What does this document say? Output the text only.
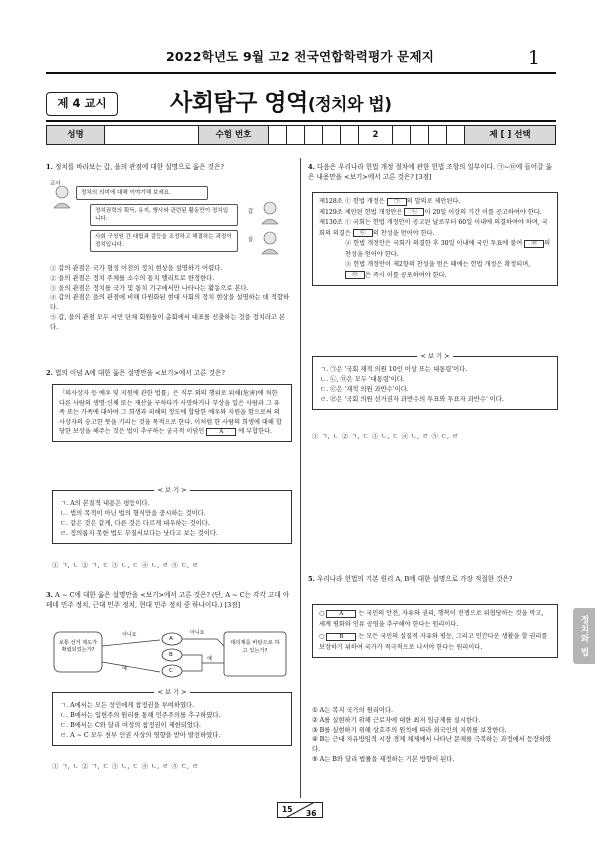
2022학년도 9월 고2 전국연합학력평가 문제지	1
제 4 교시	사회탐구 영역(정치와 법)
성명	수험 번호	2	제 [ ] 선택
1. 정치를 바라보는 갑, 을의 관점에 대한 설명으로 옳은 것은?
교사
정치의 의미에 대해 이야기해 보세요.
정치권력의 획득, 유지, 행사와 관련된 활동만이 정치입니다.
갑
사회 구성원 간 대립과 갈등을 조정하고 해결하는 과정이 정치입니다.
을
① 갑의 관점은 국가 형성 이전의 정치 현상을 설명하기 어렵다.
② 을의 관점은 정치 주체를 소수의 통치 엘리트로 한정한다.
③ 을의 관점은 정치를 국가 및 통치 기구에서만 나타나는 활동으로 본다.
④ 갑의 관점은 을의 관점에 비해 다원화된 현대 사회의 정치 현상을 설명하는 데 적합하다.
⑤ 갑, 을의 관점 모두 시민 단체 회원들이 총회에서 대표를 선출하는 것을 정치라고 본다.
2. 법의 이념 A에 대한 옳은 설명만을 <보기>에서 고른 것은?
「의사상자 등 예우 및 지원에 관한 법률」은 직무 외의 행위로 위해(危害)에 처한 다른 사람의 생명·신체 또는 재산을 구하다가 사망하거나 부상을 입은 사람과 그 유족 또는 가족에 대하여 그 희생과 피해의 정도에 합당한 예우와 지원을 함으로써 의사상자의 숭고한 뜻을 기리는 것을 목적으로 한다. 이처럼 한 사람의 희생에 대해 합당한 보상을 해주는 것은 법이 추구하는 궁극적 이념인	A 에 부합한다.
< 보 기 >
ㄱ. A의 본질적 내용은 평등이다.
ㄴ. 법의 목적이 아닌 법의 형식만을 중시하는 것이다.
ㄷ. 같은 것은 같게, 다른 것은 다르게 대우하는 것이다.
ㄹ. 정의롭지 못한 법도 무질서보다는 낫다고 보는 것이다.
① ㄱ, ㄴ ② ㄱ, ㄷ ③ ㄴ, ㄷ ④ ㄴ, ㄹ ⑤ ㄷ, ㄹ
3. A ~ C에 대한 옳은 설명만을 <보기>에서 고른 것은? (단, A ~ C는 각각 고대 아테네 민주 정치, 근대 민주 정치, 현대 민주 정치 중 하나이다.) [3점]
보통 선거 제도가 확립되었는가?
아니요
예
A
B
C
아니요
예
대의제를 바탕으로 하고 있는가?
< 보 기 >
ㄱ. A에서는 모든 성인에게 참정권을 부여하였다.
ㄴ. B에서는 입헌주의 원리를 통해 민주주의를 추구하였다.
ㄷ. B에서는 C와 달리 여성의 참정권이 제한되었다.
ㄹ. A ~ C 모두 천부 인권 사상의 영향을 받아 발전하였다.
① ㄱ, ㄴ ② ㄱ, ㄷ ③ ㄴ, ㄷ ④ ㄴ, ㄹ ⑤ ㄷ, ㄹ
4. 다음은 우리나라 헌법 개정 절차에 관한 헌법 조항의 일부이다. ㉠~㉤에 들어갈 옳은 내용만을 <보기>에서 고른 것은? [3점]
제128조 ① 헌법 개정은 ㉠ 의 발의로 제안된다.
제129조 제안된 헌법 개정안은 ㉡ 이 20일 이상의 기간 이를 공고하여야 한다.
제130조 ① 국회는 헌법 개정안이 공고된 날로부터 60일 이내에 의결하여야 하며, 국회의 의결은 ㉢ 의 찬성을 얻어야 한다.
② 헌법 개정안은 국회가 의결한 후 30일 이내에 국민 투표에 붙여 ㉣ 의 찬성을 얻어야 한다.
③ 헌법 개정안이 제2항의 찬성을 얻은 때에는 헌법 개정은 확정되며, ㉤ 은 즉시 이를 공포하여야 한다.
< 보 기 >
ㄱ. ㉠은 '국회 재적 의원 10인 이상 또는 대통령'이다.
ㄴ. ㉡, ㉤은 모두 '대통령'이다.
ㄷ. ㉢은 '재적 의원 과반수'이다.
ㄹ. ㉣은 '국회 의원 선거권자 과반수의 투표와 투표자 과반수' 이다.
① ㄱ, ㄴ ② ㄱ, ㄷ ③ ㄴ, ㄷ ④ ㄴ, ㄹ ⑤ ㄷ, ㄹ
5. 우리나라 헌법의 기본 원리 A, B에 대한 설명으로 가장 적절한 것은?
○ A 는 국민의 안전, 자유와 권리, 행복이 전쟁으로 위협당하는 것을 막고, 세계 평화와 인류 공영을 추구해야 한다는 원리이다.
○ B 는 모든 국민의 실질적 자유와 평등, 그리고 인간다운 생활을 할 권리를 보장하기 위하여 국가가 적극적으로 나서야 한다는 원리이다.
① A는 복지 국가의 원리이다.
② A를 실현하기 위해 근로자에 대한 최저 임금제를 실시한다.
③ B를 실현하기 위해 상호주의 원칙에 따라 외국인의 지위를 보장한다.
④ B는 근대 자유방임적 시장 경제 체제에서 나타난 문제를 극복하는 과정에서 등장하였다.
⑤ A는 B와 달리 법률을 제정하는 기본 방향이 된다.
정치와 법
15 36
